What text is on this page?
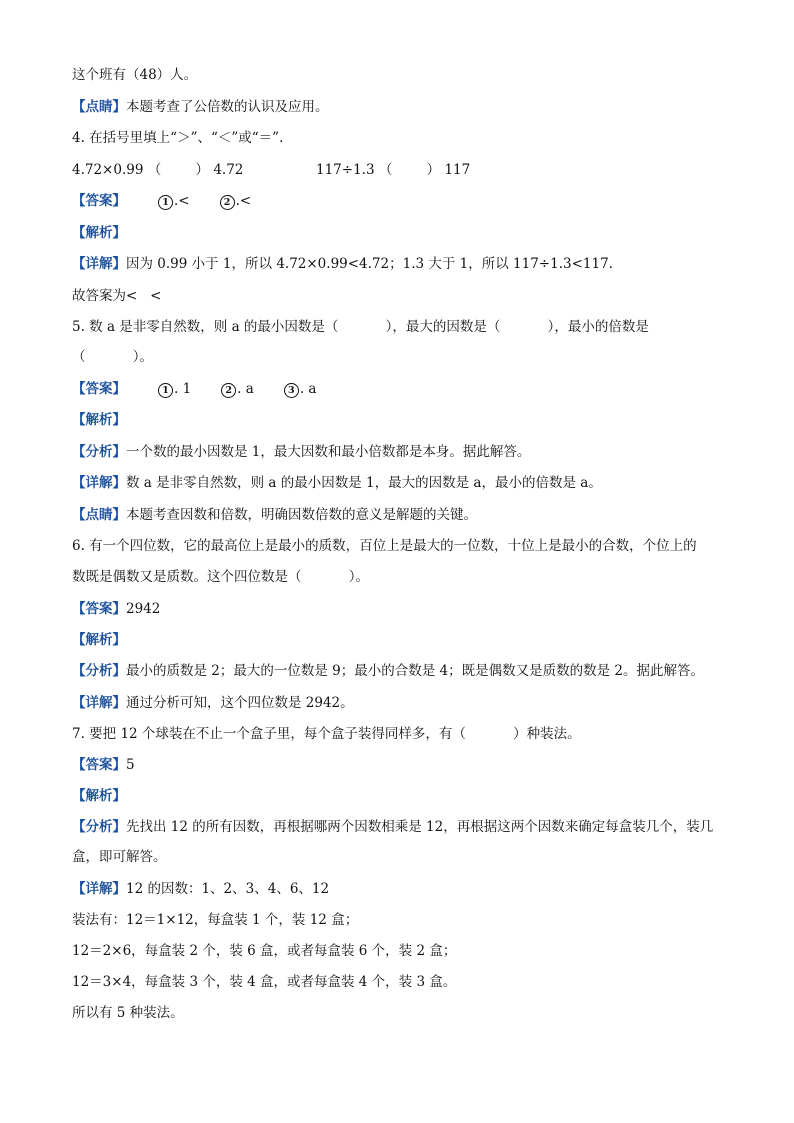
这个班有（48）人。
【点睛】本题考查了公倍数的认识及应用。
4. 在括号里填上“＞”、“＜”或“＝”.
4.72×0.99 （        ） 4.72	117÷1.3 （        ） 117
【答案】	1 .<	2 .<
【解析】
【详解】因为 0.99 小于 1，所以 4.72×0.99<4.72；1.3 大于 1，所以 117÷1.3<117.
故答案为<   <
5. 数 a 是非零自然数，则 a 的最小因数是（           ），最大的因数是（           ），最小的倍数是
（           ）。
【答案】	1 . 1	2 . a	3 . a
【解析】
【分析】一个数的最小因数是 1，最大因数和最小倍数都是本身。据此解答。
【详解】数 a 是非零自然数，则 a 的最小因数是 1，最大的因数是 a，最小的倍数是 a。
【点睛】本题考查因数和倍数，明确因数倍数的意义是解题的关键。
6. 有一个四位数，它的最高位上是最小的质数，百位上是最大的一位数，十位上是最小的合数，个位上的
数既是偶数又是质数。这个四位数是（           ）。
【答案】2942
【解析】
【分析】最小的质数是 2；最大的一位数是 9；最小的合数是 4；既是偶数又是质数的数是 2。据此解答。
【详解】通过分析可知，这个四位数是 2942。
7. 要把 12 个球装在不止一个盒子里，每个盒子装得同样多，有（           ）种装法。
【答案】5
【解析】
【分析】先找出 12 的所有因数，再根据哪两个因数相乘是 12，再根据这两个因数来确定每盒装几个，装几
盒，即可解答。
【详解】12 的因数：1、2、3、4、6、12
装法有：12＝1×12，每盒装 1 个，装 12 盒；
12＝2×6，每盒装 2 个，装 6 盒，或者每盒装 6 个，装 2 盒；
12＝3×4，每盒装 3 个，装 4 盒，或者每盒装 4 个，装 3 盒。
所以有 5 种装法。
